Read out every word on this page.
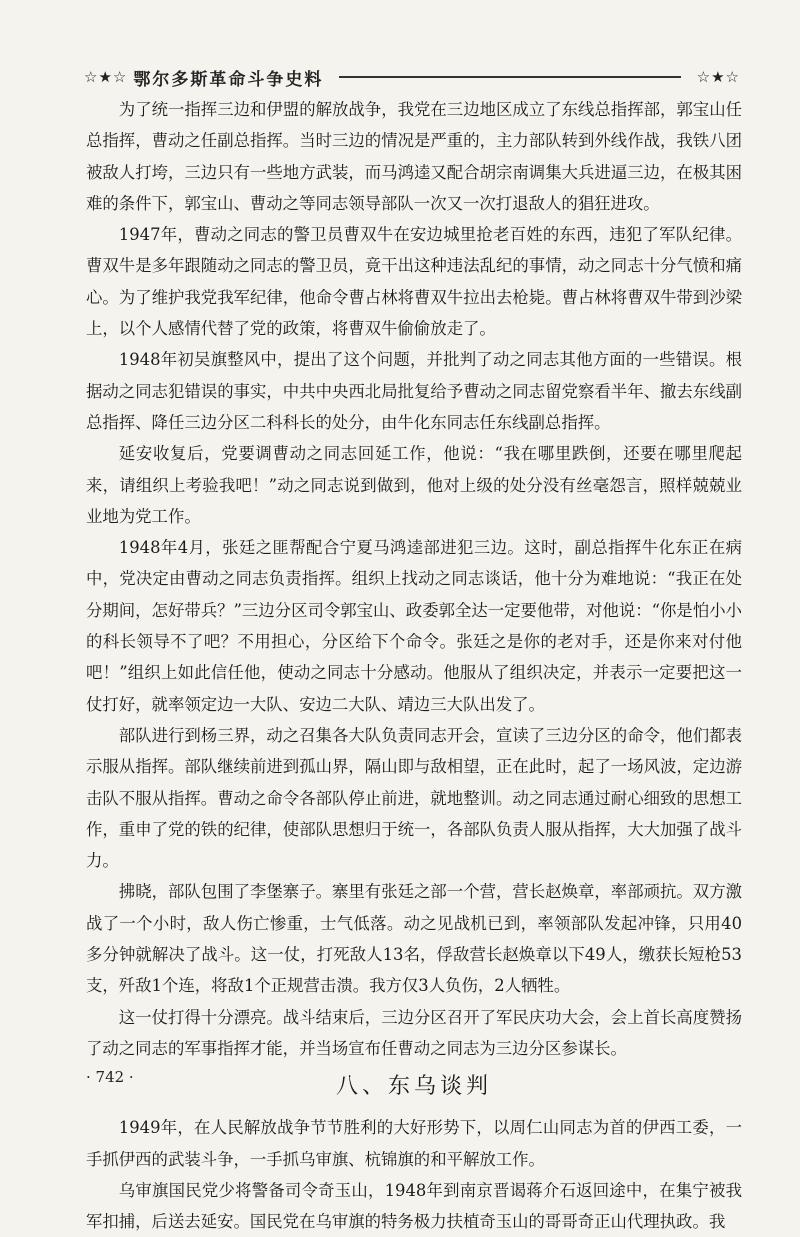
☆★☆ 鄂尔多斯革命斗争史料	☆★☆

为了统一指挥三边和伊盟的解放战争，我党在三边地区成立了东线总指挥部，郭宝山任总指挥，曹动之任副总指挥。当时三边的情况是严重的，主力部队转到外线作战，我铁八团被敌人打垮，三边只有一些地方武装，而马鸿逵又配合胡宗南调集大兵进逼三边，在极其困难的条件下，郭宝山、曹动之等同志领导部队一次又一次打退敌人的猖狂进攻。

1947年，曹动之同志的警卫员曹双牛在安边城里抢老百姓的东西，违犯了军队纪律。曹双牛是多年跟随动之同志的警卫员，竟干出这种违法乱纪的事情，动之同志十分气愤和痛心。为了维护我党我军纪律，他命令曹占林将曹双牛拉出去枪毙。曹占林将曹双牛带到沙梁上，以个人感情代替了党的政策，将曹双牛偷偷放走了。

1948年初吴旗整风中，提出了这个问题，并批判了动之同志其他方面的一些错误。根据动之同志犯错误的事实，中共中央西北局批复给予曹动之同志留党察看半年、撤去东线副总指挥、降任三边分区二科科长的处分，由牛化东同志任东线副总指挥。

延安收复后，党要调曹动之同志回延工作，他说：“我在哪里跌倒，还要在哪里爬起来，请组织上考验我吧！”动之同志说到做到，他对上级的处分没有丝毫怨言，照样兢兢业业地为党工作。

1948年4月，张廷之匪帮配合宁夏马鸿逵部进犯三边。这时，副总指挥牛化东正在病中，党决定由曹动之同志负责指挥。组织上找动之同志谈话，他十分为难地说：“我正在处分期间，怎好带兵？”三边分区司令郭宝山、政委郭全达一定要他带，对他说：“你是怕小小的科长领导不了吧？不用担心，分区给下个命令。张廷之是你的老对手，还是你来对付他吧！”组织上如此信任他，使动之同志十分感动。他服从了组织决定，并表示一定要把这一仗打好，就率领定边一大队、安边二大队、靖边三大队出发了。

部队进行到杨三界，动之召集各大队负责同志开会，宣读了三边分区的命令，他们都表示服从指挥。部队继续前进到孤山界，隔山即与敌相望，正在此时，起了一场风波，定边游击队不服从指挥。曹动之命令各部队停止前进，就地整训。动之同志通过耐心细致的思想工作，重申了党的铁的纪律，使部队思想归于统一，各部队负责人服从指挥，大大加强了战斗力。

拂晓，部队包围了李堡寨子。寨里有张廷之部一个营，营长赵焕章，率部顽抗。双方激战了一个小时，敌人伤亡惨重，士气低落。动之见战机已到，率领部队发起冲锋，只用40多分钟就解决了战斗。这一仗，打死敌人13名，俘敌营长赵焕章以下49人，缴获长短枪53支，歼敌1个连，将敌1个正规营击溃。我方仅3人负伤，2人牺牲。

这一仗打得十分漂亮。战斗结束后，三边分区召开了军民庆功大会，会上首长高度赞扬了动之同志的军事指挥才能，并当场宣布任曹动之同志为三边分区参谋长。

八、东乌谈判

1949年，在人民解放战争节节胜利的大好形势下，以周仁山同志为首的伊西工委，一手抓伊西的武装斗争，一手抓乌审旗、杭锦旗的和平解放工作。

乌审旗国民党少将警备司令奇玉山，1948年到南京晋谒蒋介石返回途中，在集宁被我军扣捕，后送去延安。国民党在乌审旗的特务极力扶植奇玉山的哥哥奇正山代理执政。我

· 742 ·
